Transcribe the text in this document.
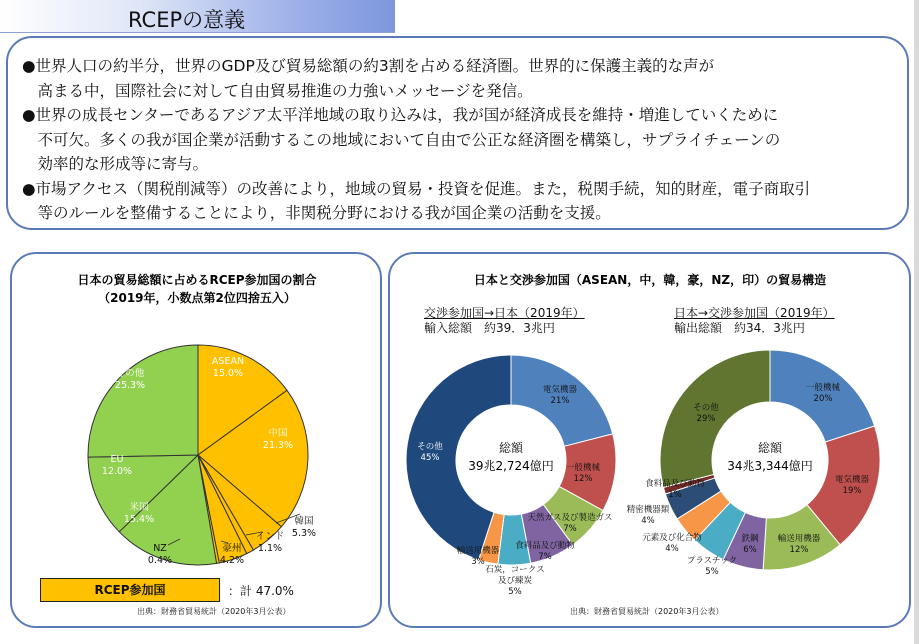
RCEPの意義
●世界人口の約半分，世界のGDP及び貿易総額の約3割を占める経済圏。世界的に保護主義的な声が
　高まる中，国際社会に対して自由貿易推進の力強いメッセージを発信。
●世界の成長センターであるアジア太平洋地域の取り込みは，我が国が経済成長を維持・増進していくために
　不可欠。多くの我が国企業が活動するこの地域において自由で公正な経済圏を構築し，サプライチェーンの
　効率的な形成等に寄与。
●市場アクセス（関税削減等）の改善により，地域の貿易・投資を促進。また，税関手続，知的財産，電子商取引
　等のルールを整備することにより，非関税分野における我が国企業の活動を支援。
日本の貿易総額に占めるRCEP参加国の割合
（2019年，小数点第2位四捨五入）
日本と交渉参加国（ASEAN，中，韓，豪，NZ，印）の貿易構造
ASEAN 15.0%
中国 21.3%
韓国 5.3%
インド 1.1%
豪州 4.2%
NZ 0.4%
米国 15.4%
EU 12.0%
その他 25.3%	電気機器 21%
一般機械 12%
天然ガス及び製造ガス 7%
食料品及び動物 7%
石炭，コークス及び練炭 5%
輸送用機器 3%
その他 45%
総額
39兆2,724億円
一般機械 20%
電気機器 19%
輸送用機器 12%
鉄鋼 6%
プラスチック 5%
元素及び化合物 4%
精密機器類 4%
食料品及び動物 1%
その他 29%
総額
34兆3,344億円
交渉参加国→日本（2019年）
輸入総額　約39．3兆円
日本→交渉参加国（2019年）
輸出総額　約34．3兆円
RCEP参加国	：計 47.0%
出典：財務省貿易統計（2020年3月公表）	出典：財務省貿易統計（2020年3月公表）
